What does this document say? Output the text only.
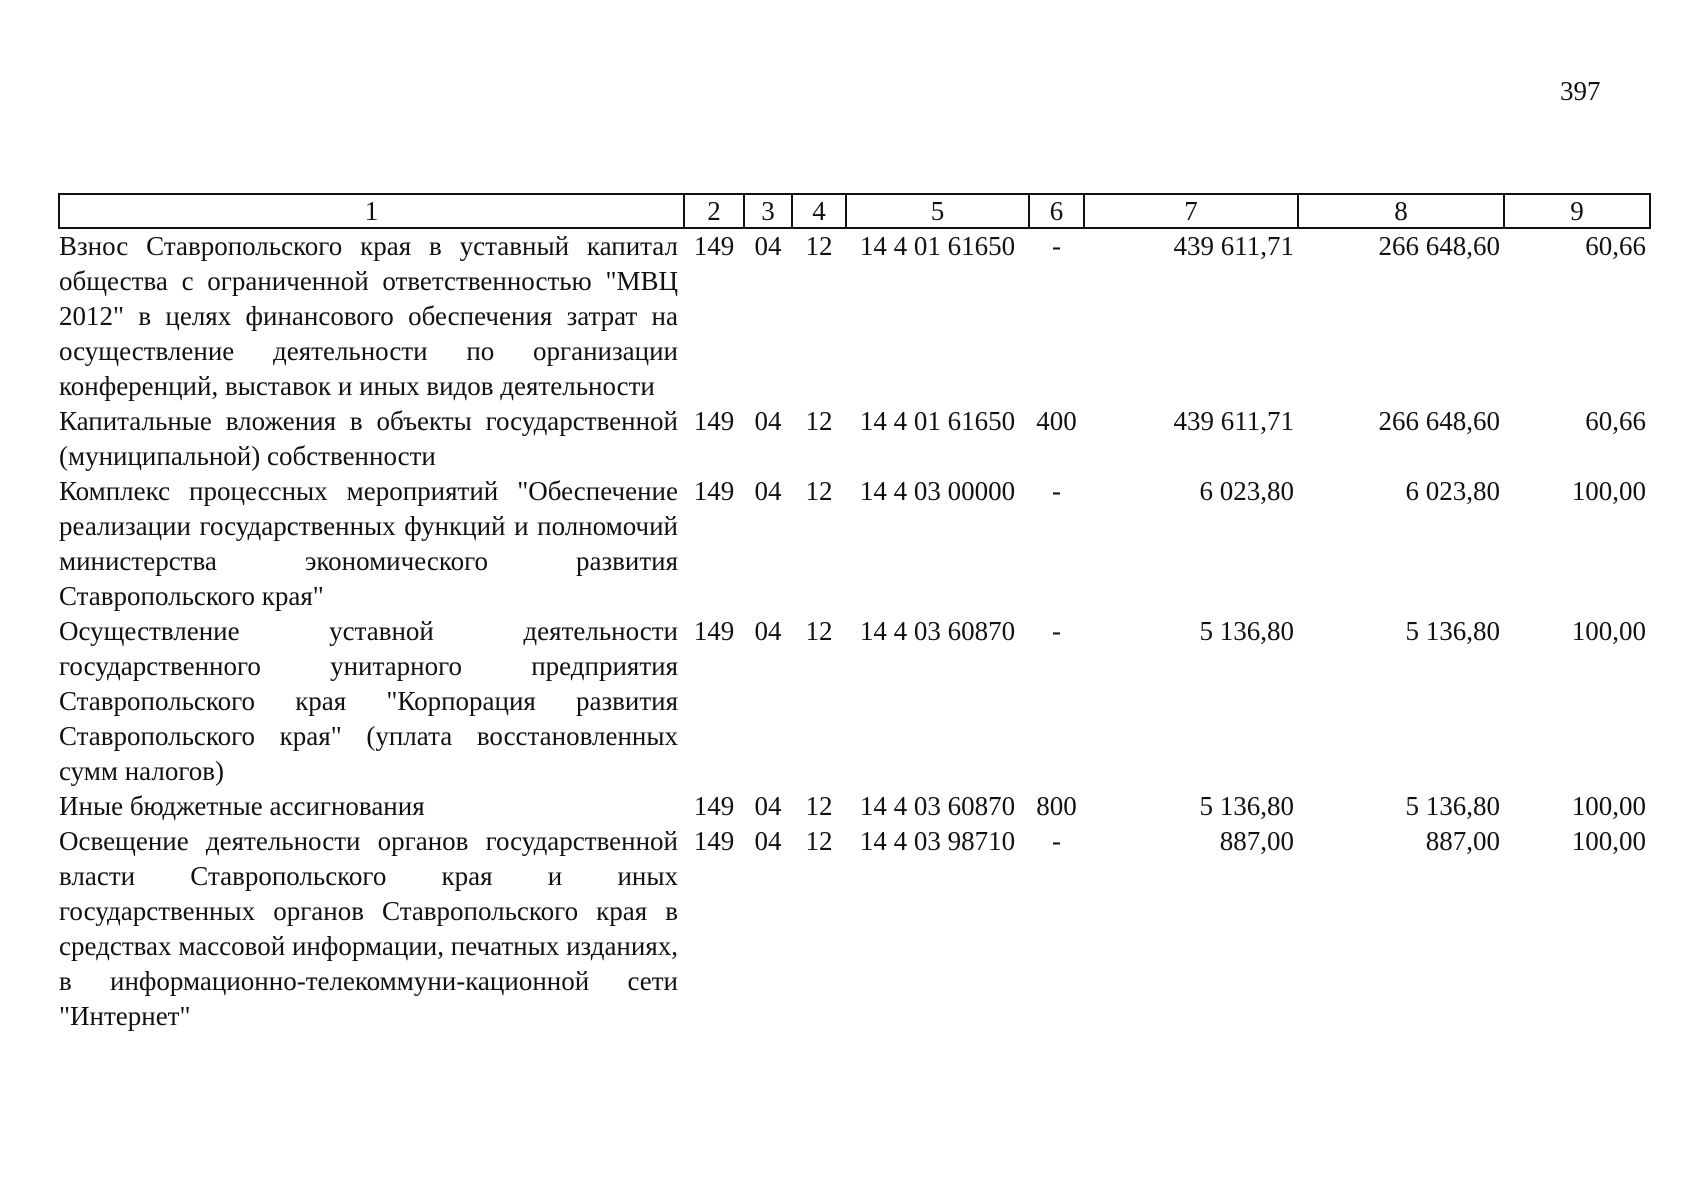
397
1	2	3	4	5	6	7	8	9
Взнос Ставропольского края в уставный капитал общества с ограниченной ответственностью "МВЦ 2012" в целях финансового обеспечения затрат на осуществление деятельности по организации конференций, выставок и иных видов деятельности	149	04	12	14 4 01 61650	-	439 611,71	266 648,60	60,66
Капитальные вложения в объекты государственной (муниципальной) собственности	149	04	12	14 4 01 61650	400	439 611,71	266 648,60	60,66
Комплекс процессных мероприятий "Обеспечение реализации государственных функций и полномочий министерства экономического развития Ставропольского края"	149	04	12	14 4 03 00000	-	6 023,80	6 023,80	100,00
Осуществление уставной деятельности государственного унитарного предприятия Ставропольского края "Корпорация развития Ставропольского края" (уплата восстановленных сумм налогов)	149	04	12	14 4 03 60870	-	5 136,80	5 136,80	100,00
Иные бюджетные ассигнования	149	04	12	14 4 03 60870	800	5 136,80	5 136,80	100,00
Освещение деятельности органов государственной власти Ставропольского края и иных государственных органов Ставропольского края в средствах массовой информации, печатных изданиях, в информационно-телекоммуни-кационной сети "Интернет"	149	04	12	14 4 03 98710	-	887,00	887,00	100,00
